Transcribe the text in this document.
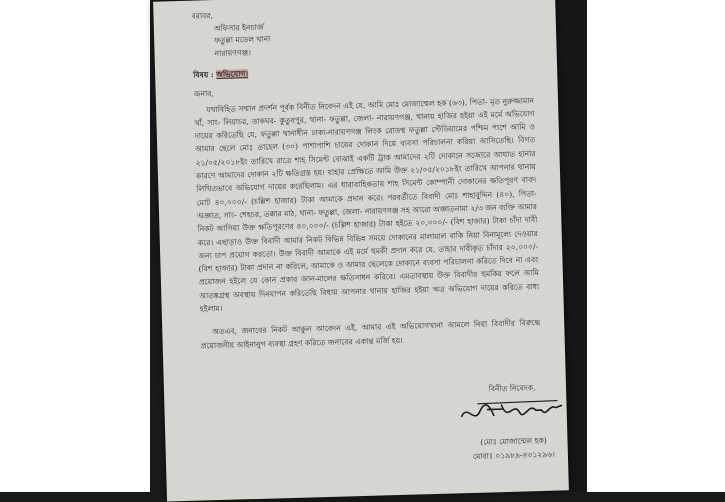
বরাবর,

অফিসার ইনচার্জ

ফতুল্লা মডেল থানা

নারায়ণগঞ্জ।

বিষয় : অভিযোগ।
জনাব,

যথাবিহিত সম্মান প্রদর্শন পূর্বক বিনীত নিবেদন এই যে, আমি মোঃ মোজাম্মেল হক (৬৩), পিতা- মৃত নুরুজ্জামান খাঁ, সাং- লিয়াচর, ডাকঘর- কুতুবপুর, থানা- ফতুল্লা, জেলা- নারায়ণগঞ্জ, থানায় হাজির হইয়া এই মর্মে অভিযোগ দায়ের করিতেছি যে, ফতুল্লা থানাধীন ঢাকা-নারায়ণগঞ্জ লিংক রোডস্থ ফতুল্লা স্টেডিয়ামের পশ্চিম পাশে আমি ও আমার ছেলে মোঃ তাহেল (৩০) পাশাপাশি চায়ের দোকান দিয়ে ব্যবসা পরিচালনা করিয়া আসিতেছি। বিগত ২১/০৫/২০১৮ইং তারিখে রাত্রে শাহ সিমেন্ট বোঝাই একটি ট্রাক আমাদের ২টি দোকানে সজোরে আঘাত হানার কারণে আমাদের দোকান ২টি ক্ষতিগ্রস্ত হয়। যাহার প্রেক্ষিতে আমি উক্ত ২১/০৫/২০১৮ইং তারিখে আপনার থানায় লিখিতভাবে অভিযোগ দায়ের করেছিলাম। এর ধারাবাহিকতায় শাহ সিমেন্ট কোম্পানী দোকানের ক্ষতিপূরণ বাবদ মোট ৪০,০০০/- (চল্লিশ হাজার) টাকা আমাকে প্রদান করে। পরবর্তীতে বিবাদী মোঃ শাহাবুদ্দিন (৪০), পিতা- অজ্ঞাত, সাং- শেহচর, তক্কার মাঠ, থানা- ফতুল্লা, জেলা- নারায়ণগঞ্জ সহ আরো অজ্ঞাতনামা ২/৩ জন ব্যক্তি আমার নিকট আসিয়া উক্ত ক্ষতিপূরণের ৪০,০০০/- (চল্লিশ হাজার) টাকা হইতে ২০,০০০/- (বিশ হাজার) টাকা চাঁদা দাবী করে। এছাড়াও উক্ত বিবাদী আমার নিকট বিভিন্ন বিভিন্ন সময়ে দোকানের মালামাল বাকি নিয়া বিনামূল্যে দেওয়ার জন্য চাপ প্রয়োগ করতো। উক্ত বিবাদী আমাকে এই মর্মে হুমকী প্রদান করে যে, তাহার দাবীকৃত চাঁদার ২০,০০০/- (বিশ হাজার) টাকা প্রদান না করিলে, আমাকে ও আমার ছেলেকে দোকানে ব্যবসা পরিচালনা করিতে দিবে না এবং প্রয়োজন হইলে যে কোন প্রকার জান-মালের ক্ষতিসাধন করিবে। এমতাবস্থায় উক্ত বিবাদীর হুমকির ফলে আমি আতঙ্কগ্রস্থ অবস্থায় দিনযাপন করিতেছি বিধায় আপনার থানায় হাজির হইয়া অত্র অভিযোগ দায়ের করিতে বাধ্য হইলাম।

অতএব, জনাবের নিকট আকুল আবেদন এই, আমার এই অভিযোগখানা আমলে নিয়া বিবাদীর বিরুদ্ধে প্রয়োজনীয় আইনানুগ ব্যবস্থা গ্রহণ করিতে জনাবের একান্ত মর্জি হয়।

বিনীত নিবেদক,

(মোঃ মোজাম্মেল হক)

মোবাঃ ০১৯৮৯-৪৩১২৯৬।
